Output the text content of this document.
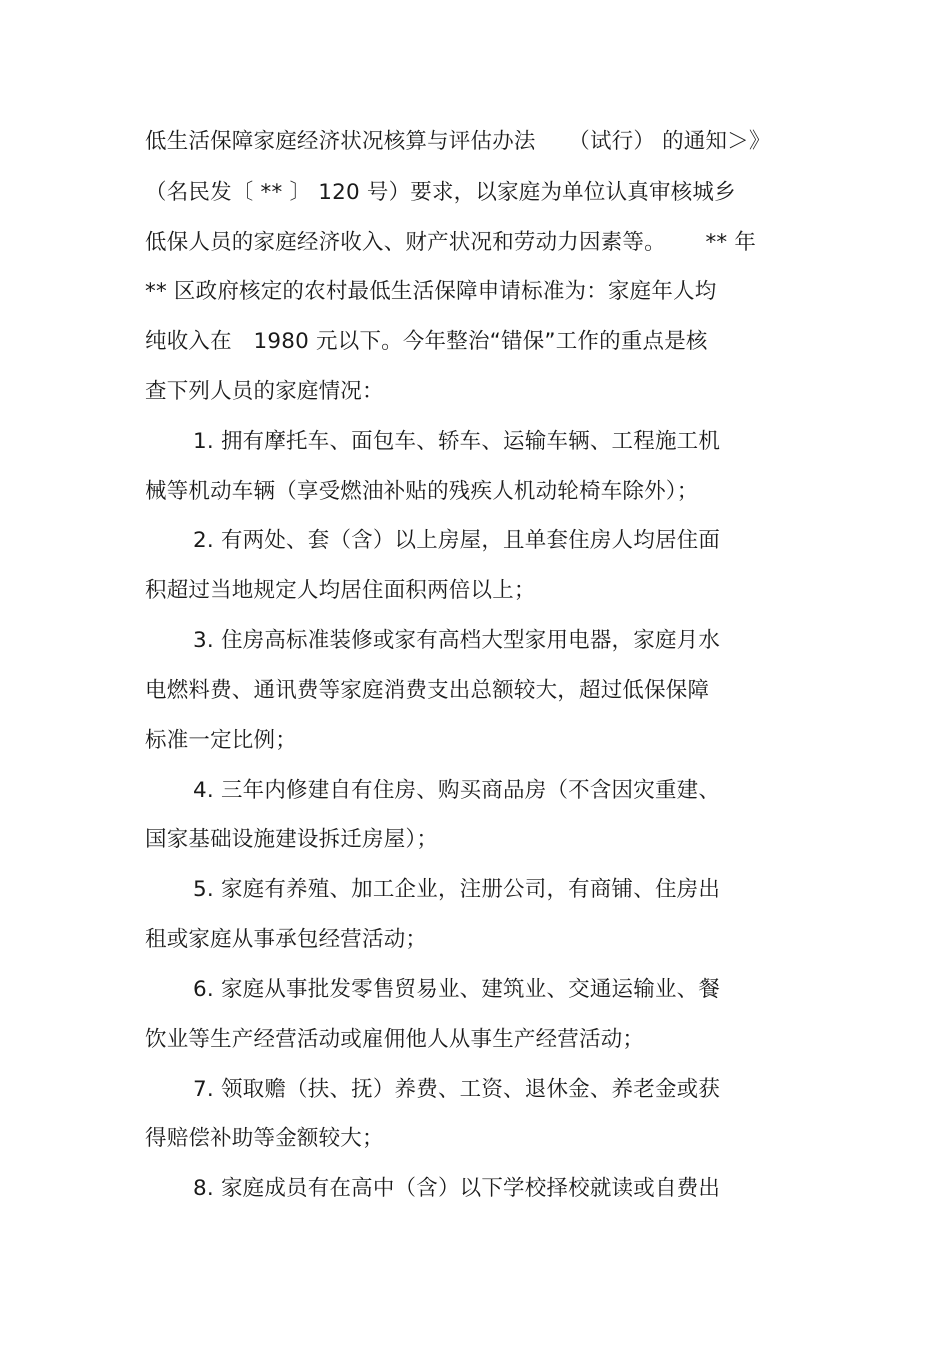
低生活保障家庭经济状况核算与评估办法　　（试行） 的通知＞》
（名民发〔 ** 〕 120 号）要求，以家庭为单位认真审核城乡
低保人员的家庭经济收入、财产状况和劳动力因素等。　　 ** 年
** 区政府核定的农村最低生活保障申请标准为：家庭年人均
纯收入在　1980 元以下。今年整治“错保”工作的重点是核
查下列人员的家庭情况：
1. 拥有摩托车、面包车、轿车、运输车辆、工程施工机
械等机动车辆（享受燃油补贴的残疾人机动轮椅车除外）；
2. 有两处、套（含）以上房屋，且单套住房人均居住面
积超过当地规定人均居住面积两倍以上；
3. 住房高标准装修或家有高档大型家用电器，家庭月水
电燃料费、通讯费等家庭消费支出总额较大，超过低保保障
标准一定比例；
4. 三年内修建自有住房、购买商品房（不含因灾重建、
国家基础设施建设拆迁房屋）；
5. 家庭有养殖、加工企业，注册公司，有商铺、住房出
租或家庭从事承包经营活动；
6. 家庭从事批发零售贸易业、建筑业、交通运输业、餐
饮业等生产经营活动或雇佣他人从事生产经营活动；
7. 领取赡（扶、抚）养费、工资、退休金、养老金或获
得赔偿补助等金额较大；
8. 家庭成员有在高中（含）以下学校择校就读或自费出
